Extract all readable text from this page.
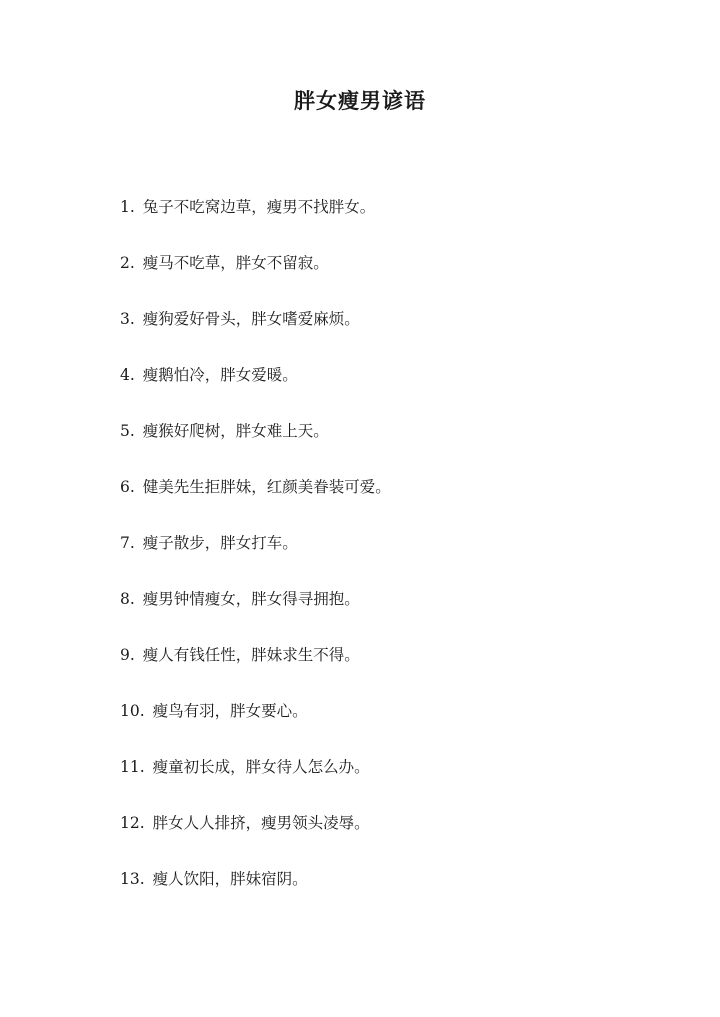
胖女瘦男谚语
1. 兔子不吃窝边草，瘦男不找胖女。
2. 瘦马不吃草，胖女不留寂。
3. 瘦狗爱好骨头，胖女嗜爱麻烦。
4. 瘦鹅怕冷，胖女爱暖。
5. 瘦猴好爬树，胖女难上天。
6. 健美先生拒胖妹，红颜美眷装可爱。
7. 瘦子散步，胖女打车。
8. 瘦男钟情瘦女，胖女得寻拥抱。
9. 瘦人有钱任性，胖妹求生不得。
10. 瘦鸟有羽，胖女要心。
11. 瘦童初长成，胖女待人怎么办。
12. 胖女人人排挤，瘦男领头凌辱。
13. 瘦人饮阳，胖妹宿阴。
